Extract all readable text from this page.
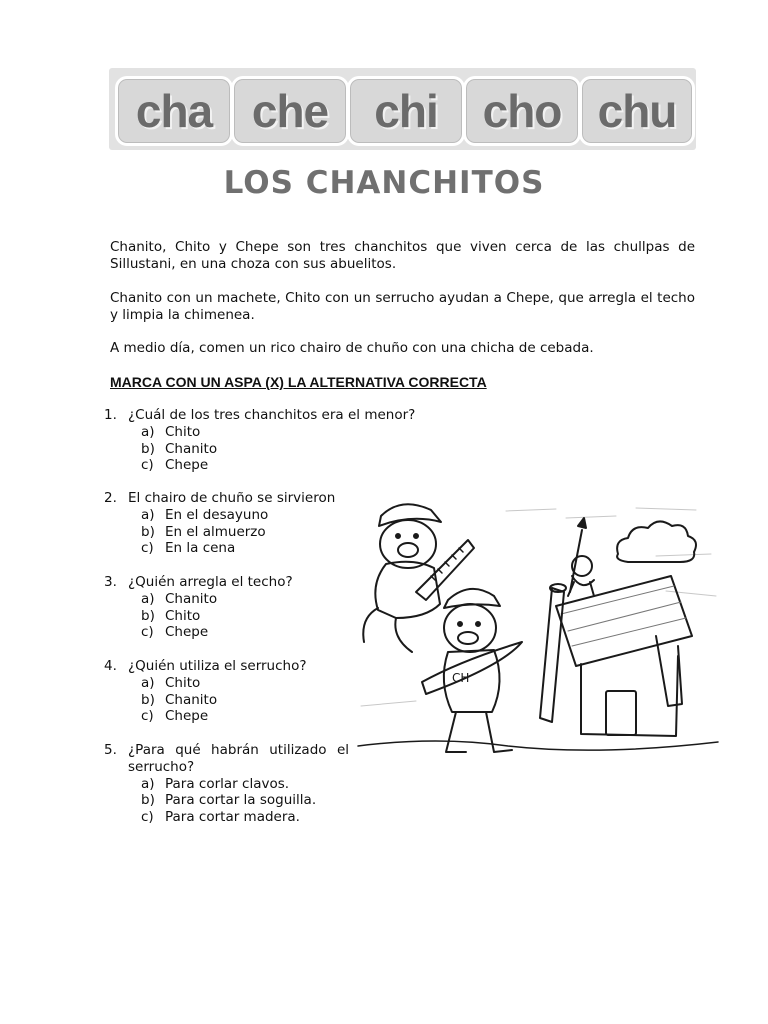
cha che	chi cho chu
LOS CHANCHITOS
Chanito, Chito y Chepe son tres chanchitos que viven cerca de las chullpas de Sillustani, en una choza con sus abuelitos.
Chanito con un machete, Chito con un serrucho ayudan a Chepe, que arregla el techo y limpia la chimenea.
A medio día, comen un rico chairo de chuño con una chicha de cebada.
MARCA CON UN ASPA (X) LA ALTERNATIVA CORRECTA
1. ¿Cuál de los tres chanchitos era el menor?
a) Chito
b) Chanito
c) Chepe
2. El chairo de chuño se sirvieron
a) En el desayuno
b) En el almuerzo
c) En la cena
3. ¿Quién arregla el techo?
a) Chanito
b) Chito
c) Chepe
4. ¿Quién utiliza el serrucho?
a) Chito
b) Chanito
c) Chepe
5. ¿Para qué habrán utilizado el serrucho?
a) Para corlar clavos.
b) Para cortar la soguilla.
c) Para cortar madera.
CH
